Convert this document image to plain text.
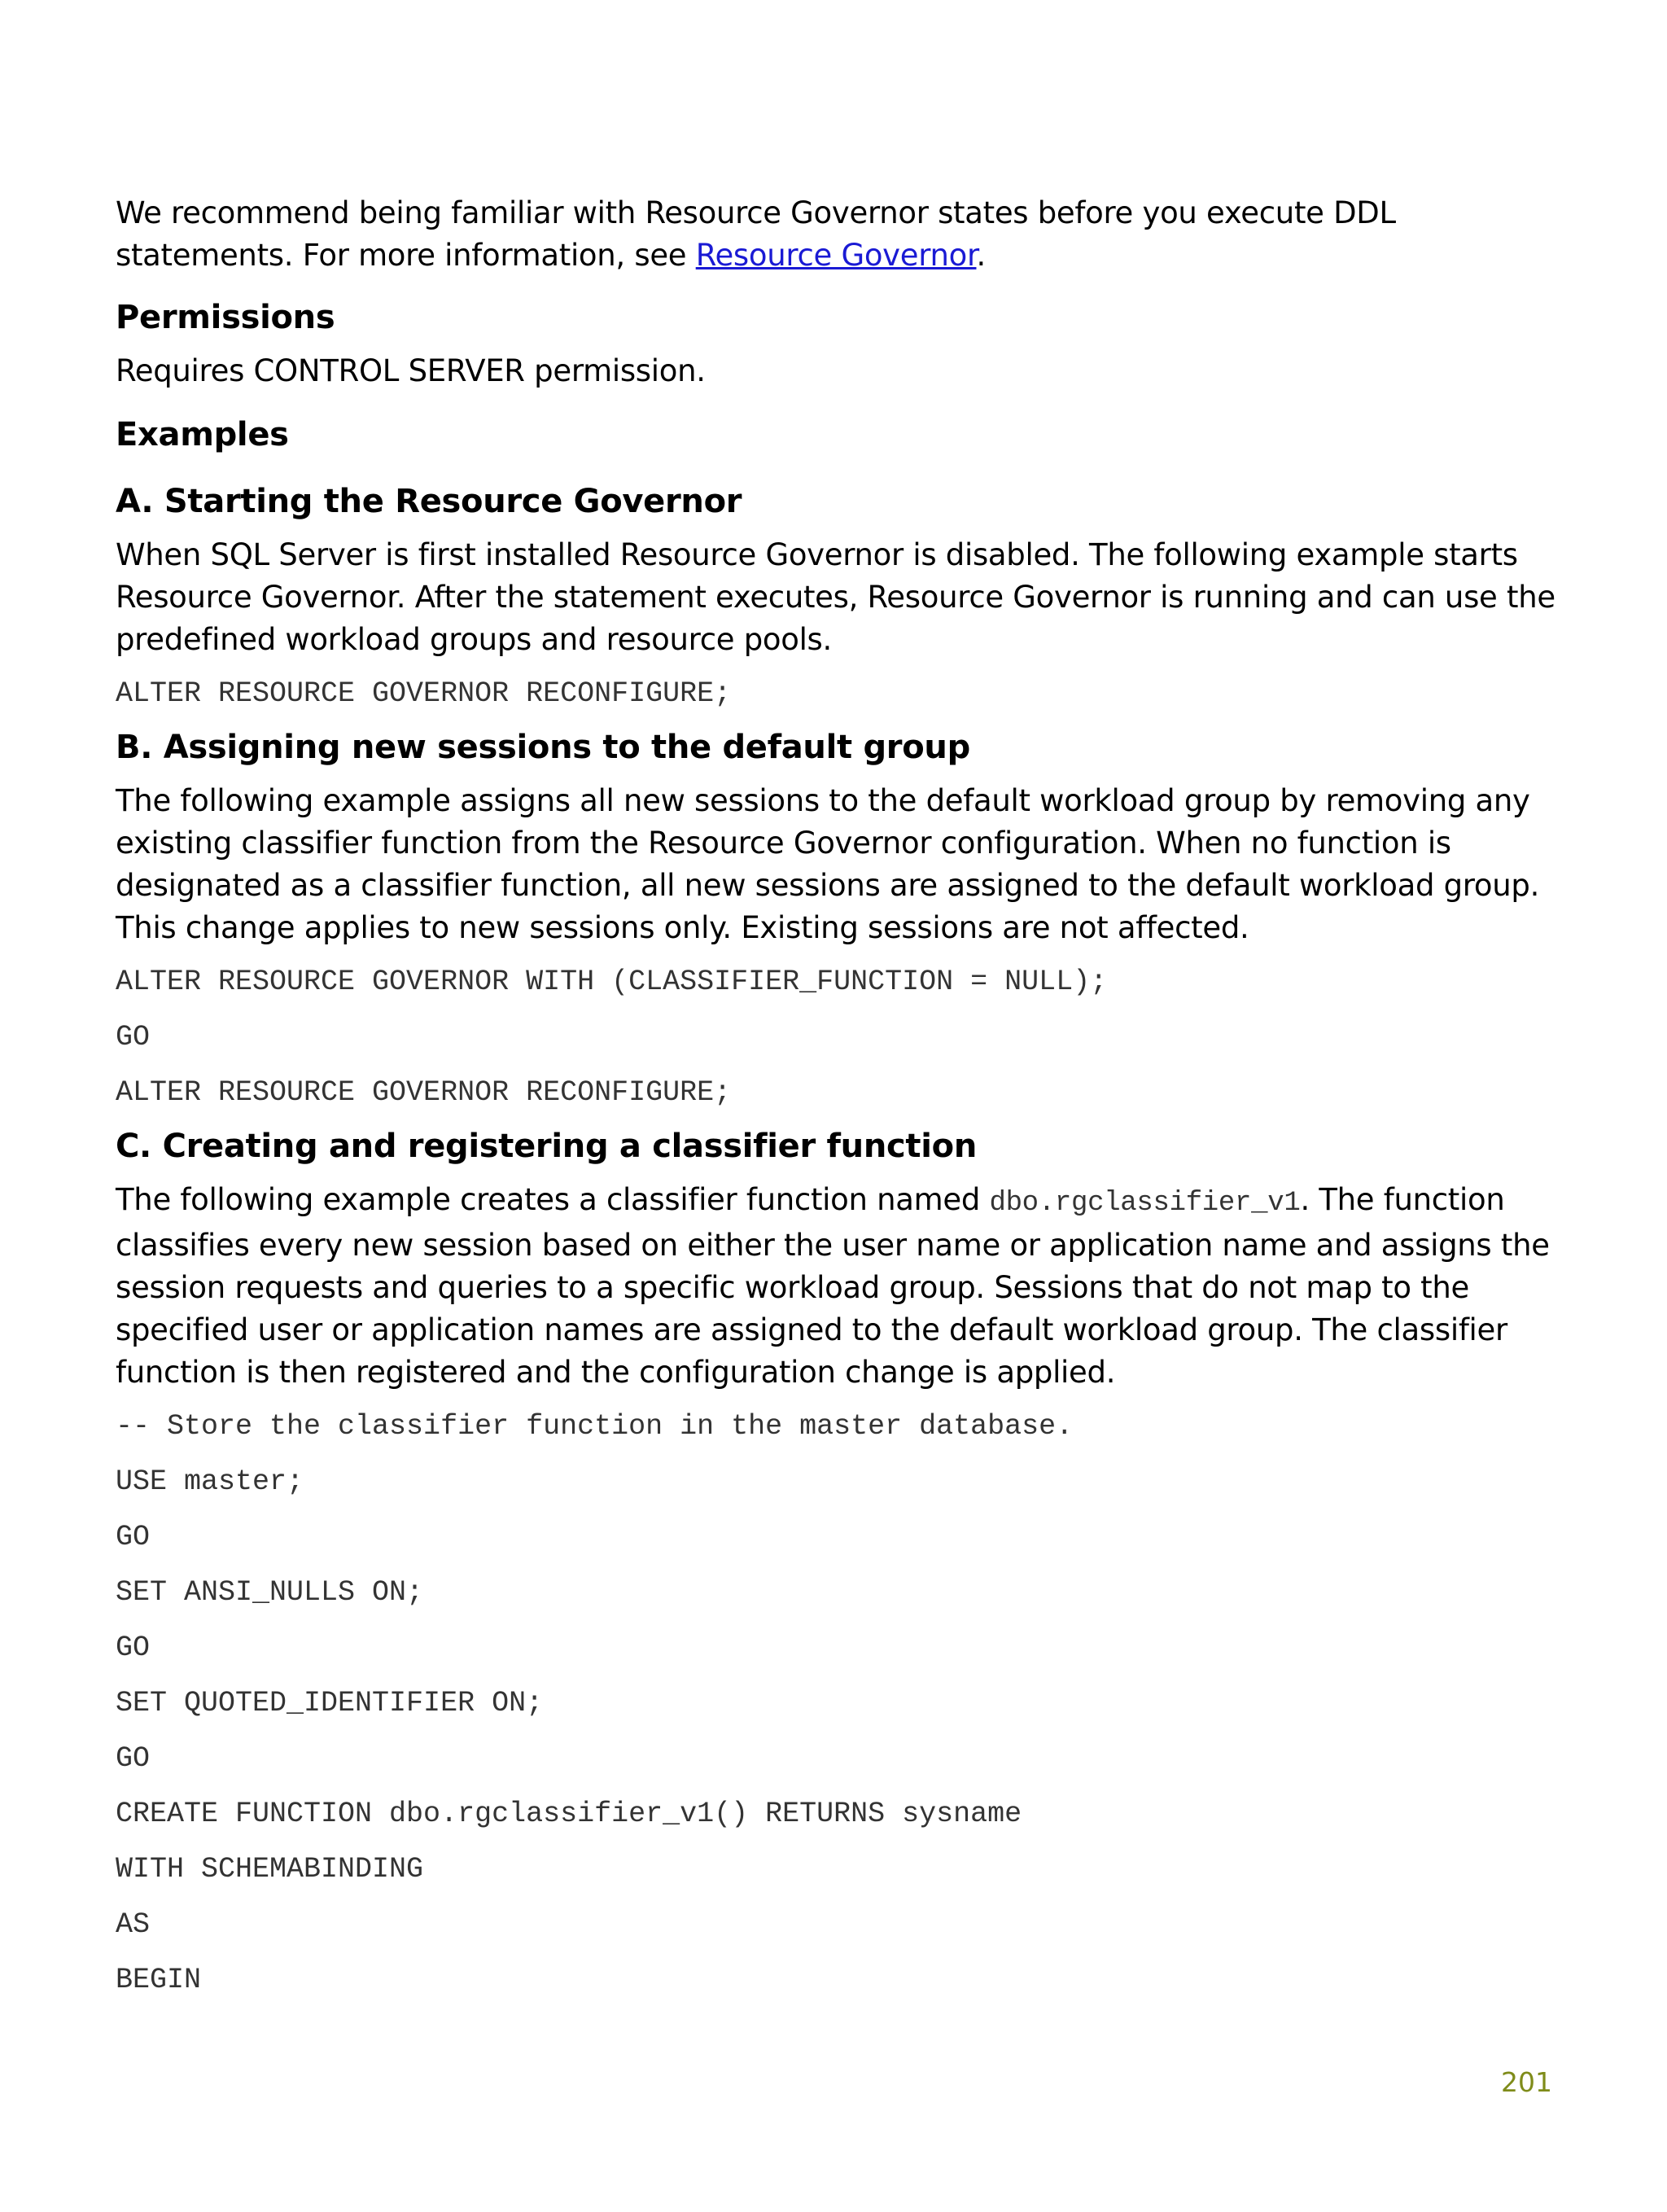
We recommend being familiar with Resource Governor states before you execute DDL

statements. For more information, see Resource Governor.

Permissions

Requires CONTROL SERVER permission.

Examples
A. Starting the Resource Governor

When SQL Server is first installed Resource Governor is disabled. The following example starts

Resource Governor. After the statement executes, Resource Governor is running and can use the

predefined workload groups and resource pools.

ALTER RESOURCE GOVERNOR RECONFIGURE;

B. Assigning new sessions to the default group

The following example assigns all new sessions to the default workload group by removing any

existing classifier function from the Resource Governor configuration. When no function is

designated as a classifier function, all new sessions are assigned to the default workload group.

This change applies to new sessions only. Existing sessions are not affected.

ALTER RESOURCE GOVERNOR WITH (CLASSIFIER_FUNCTION = NULL);

GO

ALTER RESOURCE GOVERNOR RECONFIGURE;

C. Creating and registering a classifier function

The following example creates a classifier function named dbo.rgclassifier_v1. The function

classifies every new session based on either the user name or application name and assigns the

session requests and queries to a specific workload group. Sessions that do not map to the

specified user or application names are assigned to the default workload group. The classifier

function is then registered and the configuration change is applied.

-- Store the classifier function in the master database.

USE master;

GO

SET ANSI_NULLS ON;

GO

SET QUOTED_IDENTIFIER ON;

GO

CREATE FUNCTION dbo.rgclassifier_v1() RETURNS sysname

WITH SCHEMABINDING

AS

BEGIN

201
